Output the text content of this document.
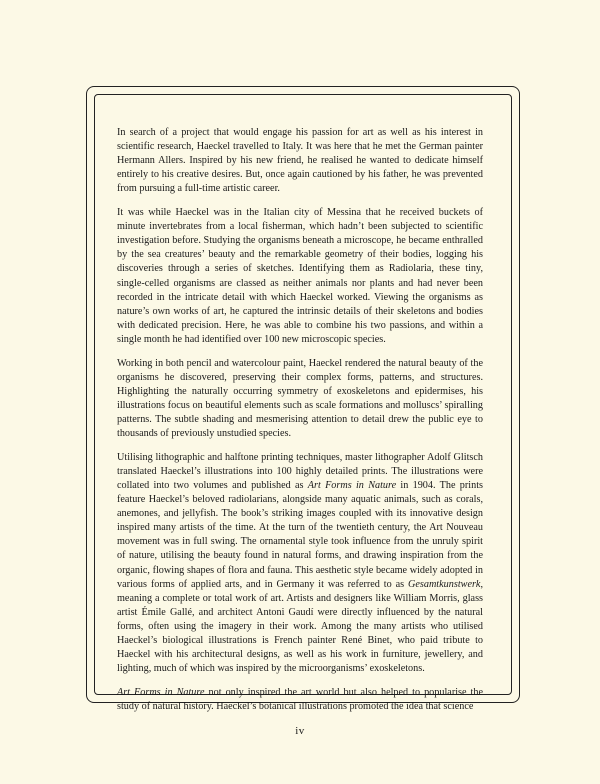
In search of a project that would engage his passion for art as well as his interest in scientific research, Haeckel travelled to Italy. It was here that he met the German painter Hermann Allers. Inspired by his new friend, he realised he wanted to dedicate himself entirely to his creative desires. But, once again cautioned by his father, he was prevented from pursuing a full-time artistic career.

It was while Haeckel was in the Italian city of Messina that he received buckets of minute invertebrates from a local fisherman, which hadn’t been subjected to scientific investigation before. Studying the organisms beneath a microscope, he became enthralled by the sea creatures’ beauty and the remarkable geometry of their bodies, logging his discoveries through a series of sketches. Identifying them as Radiolaria, these tiny, single-celled organisms are classed as neither animals nor plants and had never been recorded in the intricate detail with which Haeckel worked. Viewing the organisms as nature’s own works of art, he captured the intrinsic details of their skeletons and bodies with dedicated precision. Here, he was able to combine his two passions, and within a single month he had identified over 100 new microscopic species.

Working in both pencil and watercolour paint, Haeckel rendered the natural beauty of the organisms he discovered, preserving their complex forms, patterns, and structures. Highlighting the naturally occurring symmetry of exoskeletons and epidermises, his illustrations focus on beautiful elements such as scale formations and molluscs’ spiralling patterns. The subtle shading and mesmerising attention to detail drew the public eye to thousands of previously unstudied species.

Utilising lithographic and halftone printing techniques, master lithographer Adolf Glitsch translated Haeckel’s illustrations into 100 highly detailed prints. The illustrations were collated into two volumes and published as Art Forms in Nature in 1904. The prints feature Haeckel’s beloved radiolarians, alongside many aquatic animals, such as corals, anemones, and jellyfish. The book’s striking images coupled with its innovative design inspired many artists of the time. At the turn of the twentieth century, the Art Nouveau movement was in full swing. The ornamental style took influence from the unruly spirit of nature, utilising the beauty found in natural forms, and drawing inspiration from the organic, flowing shapes of flora and fauna. This aesthetic style became widely adopted in various forms of applied arts, and in Germany it was referred to as Gesamtkunstwerk, meaning a complete or total work of art. Artists and designers like William Morris, glass artist Émile Gallé, and architect Antoni Gaudí were directly influenced by the natural forms, often using the imagery in their work. Among the many artists who utilised Haeckel’s biological illustrations is French painter René Binet, who paid tribute to Haeckel with his architectural designs, as well as his work in furniture, jewellery, and lighting, much of which was inspired by the microorganisms’ exoskeletons.

Art Forms in Nature not only inspired the art world but also helped to popularise the study of natural history. Haeckel’s botanical illustrations promoted the idea that science

iv
